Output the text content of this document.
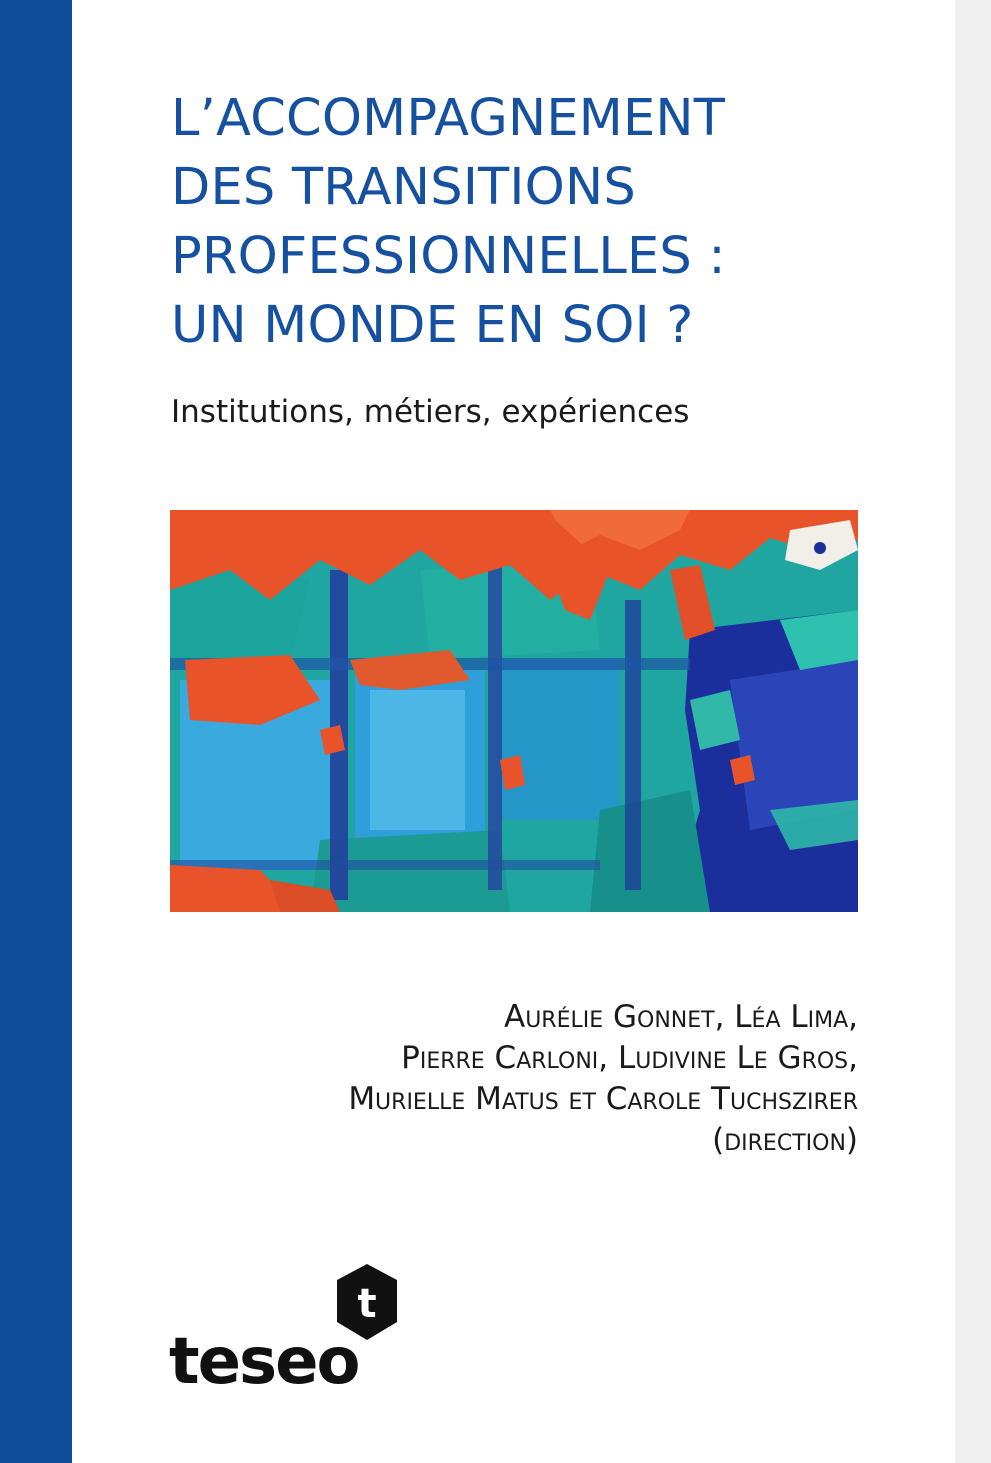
L’ACCOMPAGNEMENT
DES TRANSITIONS
PROFESSIONNELLES :
UN MONDE EN SOI ?

Institutions, métiers, expériences

Aurélie Gonnet, Léa Lima,
Pierre Carloni, Ludivine Le Gros,
Murielle Matus et Carole Tuchszirer
(direction)
t
teseo
